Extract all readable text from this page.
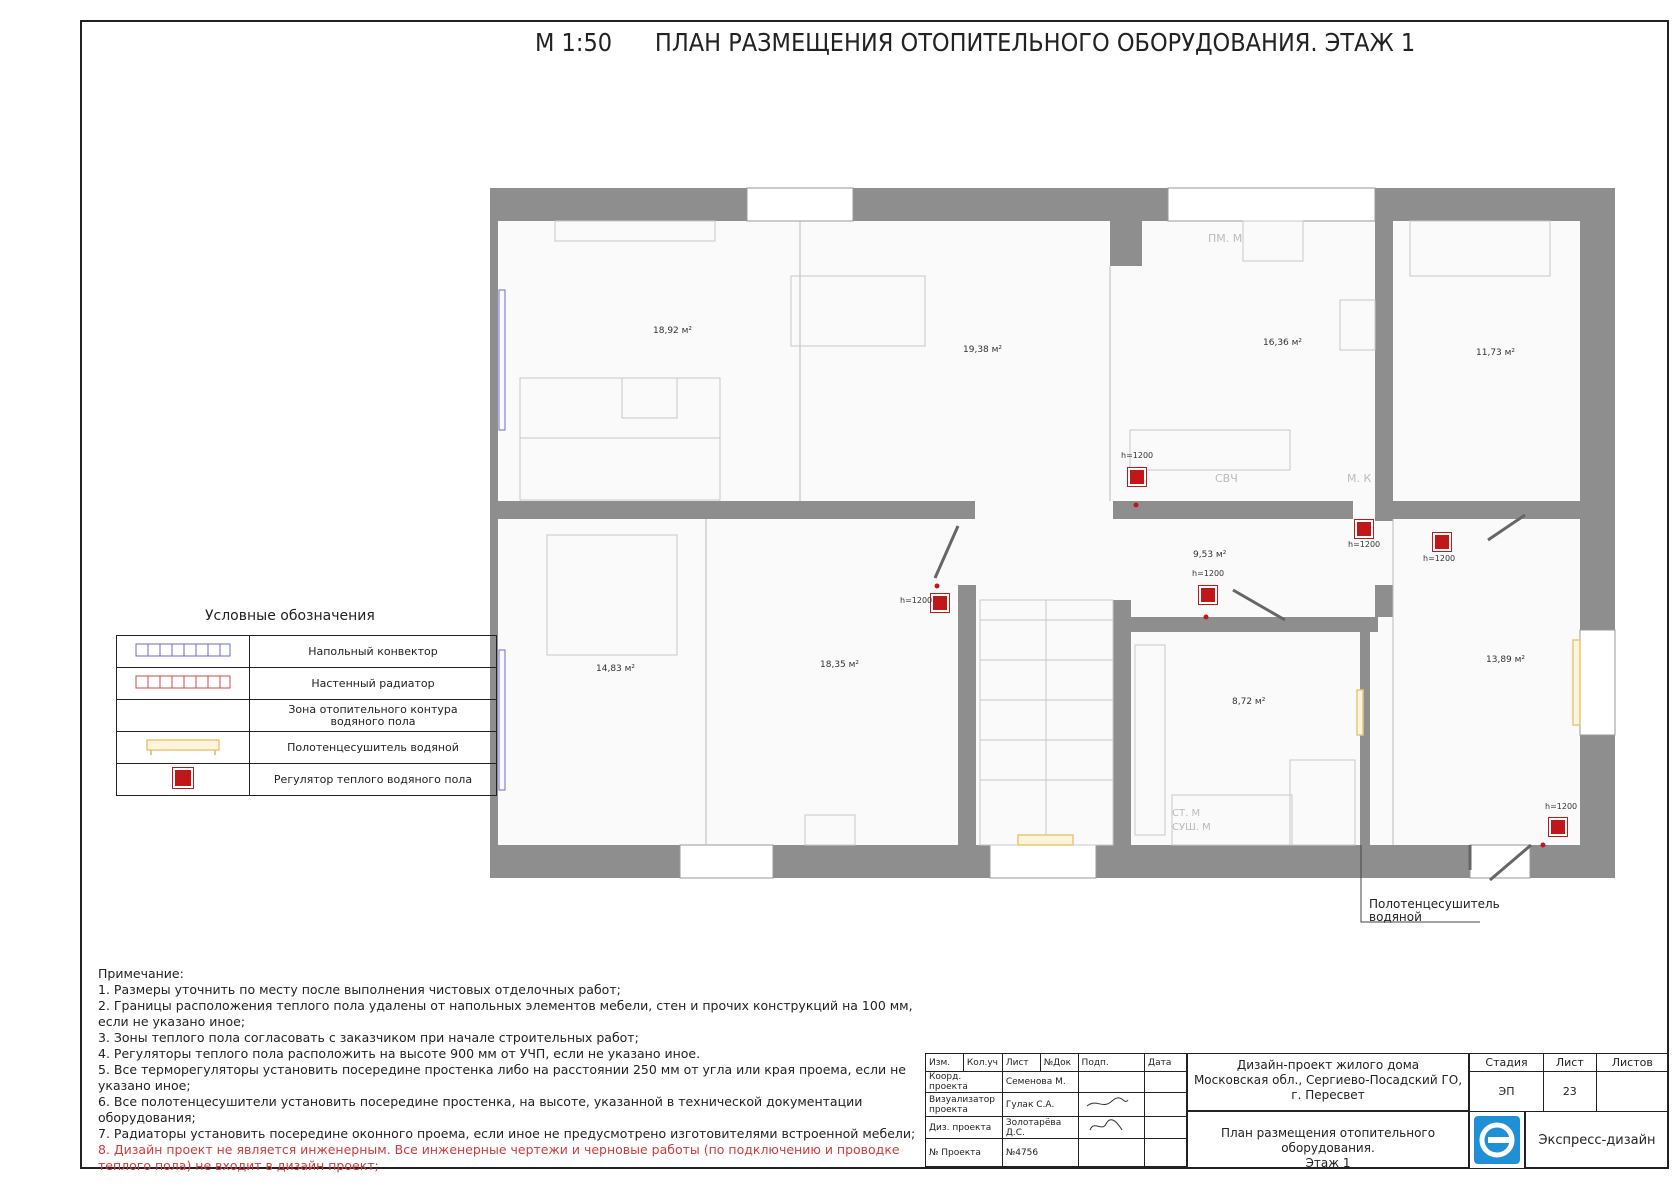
М 1:50 ПЛАН РАЗМЕЩЕНИЯ ОТОПИТЕЛЬНОГО ОБОРУДОВАНИЯ. ЭТАЖ 1
h=1200
h=1200
h=1200
h=1200
h=1200
h=1200
18,92 м²
19,38 м²
16,36 м²
11,73 м²
14,83 м²	18,35 м²
9,53 м²
8,72 м²
13,89 м²
ПМ. М
СВЧ	М. К
СТ. М
СУШ. М
Полотенцесушитель
водяной
Условные обозначения
	Напольный конвектор
	Настенный радиатор
	Зона отопительного контура водяного пола
	Полотенцесушитель водяной
	Регулятор теплого водяного пола
Примечание:
1. Размеры уточнить по месту после выполнения чистовых отделочных работ;
2. Границы расположения теплого пола удалены от напольных элементов мебели, стен и прочих конструкций на 100 мм, если не указано иное;
3. Зоны теплого пола согласовать с заказчиком при начале строительных работ;
4. Регуляторы теплого пола расположить на высоте 900 мм от УЧП, если не указано иное.
5. Все терморегуляторы установить посередине простенка либо на расстоянии 250 мм от угла или края проема, если не указано иное;
6. Все полотенцесушители установить посередине простенка, на высоте, указанной в технической документации оборудования;
7. Радиаторы установить посередине оконного проема, если иное не предусмотрено изготовителями встроенной мебели;
8. Дизайн проект не является инженерным. Все инженерные чертежи и черновые работы (по подключению и проводке теплого пола) не входит в дизайн проект;
Изм.	Кол.уч	Лист	№Док	Подп.	Дата
Коорд. проекта		Семенова М.			
Визуализатор проекта		Гулак С.А.		
Диз. проекта		Золотарёва Д.С.		
№ Проекта		№4756			
Дизайн-проект жилого дома
Московская обл., Сергиево-Посадский ГО,
г. Пересвет
План размещения отопительного оборудования.
Этаж 1
Стадия	Лист	Листов
ЭП	23	
Экспресс-дизайн
